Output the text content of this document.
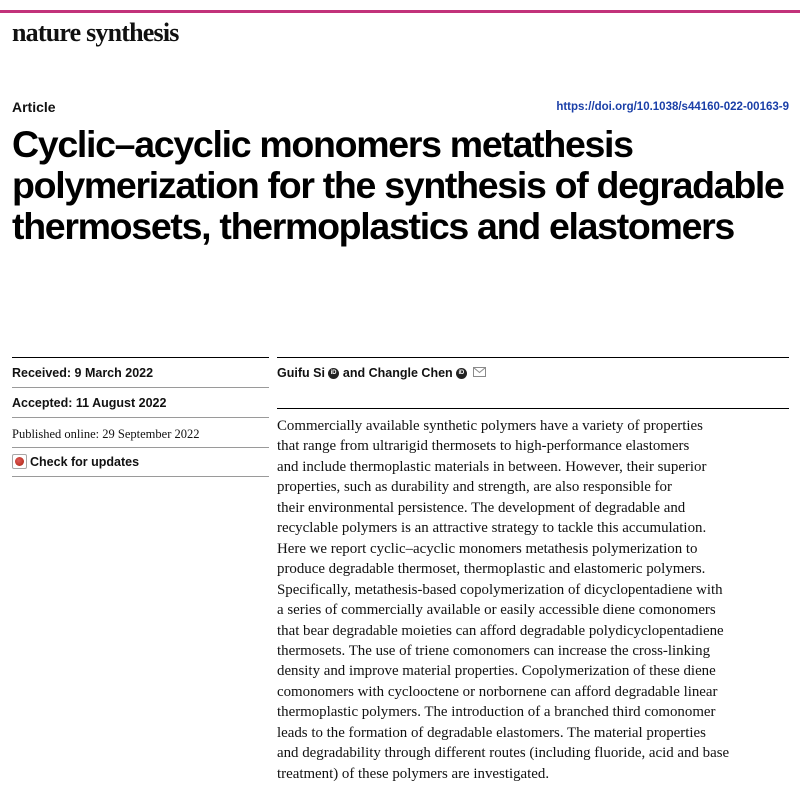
nature synthesis
Article	https://doi.org/10.1038/s44160-022-00163-9
Cyclic–acyclic monomers metathesis polymerization for the synthesis of degradable thermosets, thermoplastics and elastomers
Received: 9 March 2022
Accepted: 11 August 2022
Published online: 29 September 2022
Check for updates
Guifu Si iD and
Changle Chen iD
Commercially available synthetic polymers have a variety of properties
that range from ultrarigid thermosets to high-performance elastomers
and include thermoplastic materials in between. However, their superior
properties, such as durability and strength, are also responsible for
their environmental persistence. The development of degradable and
recyclable polymers is an attractive strategy to tackle this accumulation.
Here we report cyclic–acyclic monomers metathesis polymerization to
produce degradable thermoset, thermoplastic and elastomeric polymers.
Specifically, metathesis-based copolymerization of dicyclopentadiene with
a series of commercially available or easily accessible diene comonomers
that bear degradable moieties can afford degradable polydicyclopentadiene
thermosets. The use of triene comonomers can increase the cross-linking
density and improve material properties. Copolymerization of these diene
comonomers with cyclooctene or norbornene can afford degradable linear
thermoplastic polymers. The introduction of a branched third comonomer
leads to the formation of degradable elastomers. The material properties
and degradability through different routes (including fluoride, acid and base
treatment) of these polymers are investigated.
